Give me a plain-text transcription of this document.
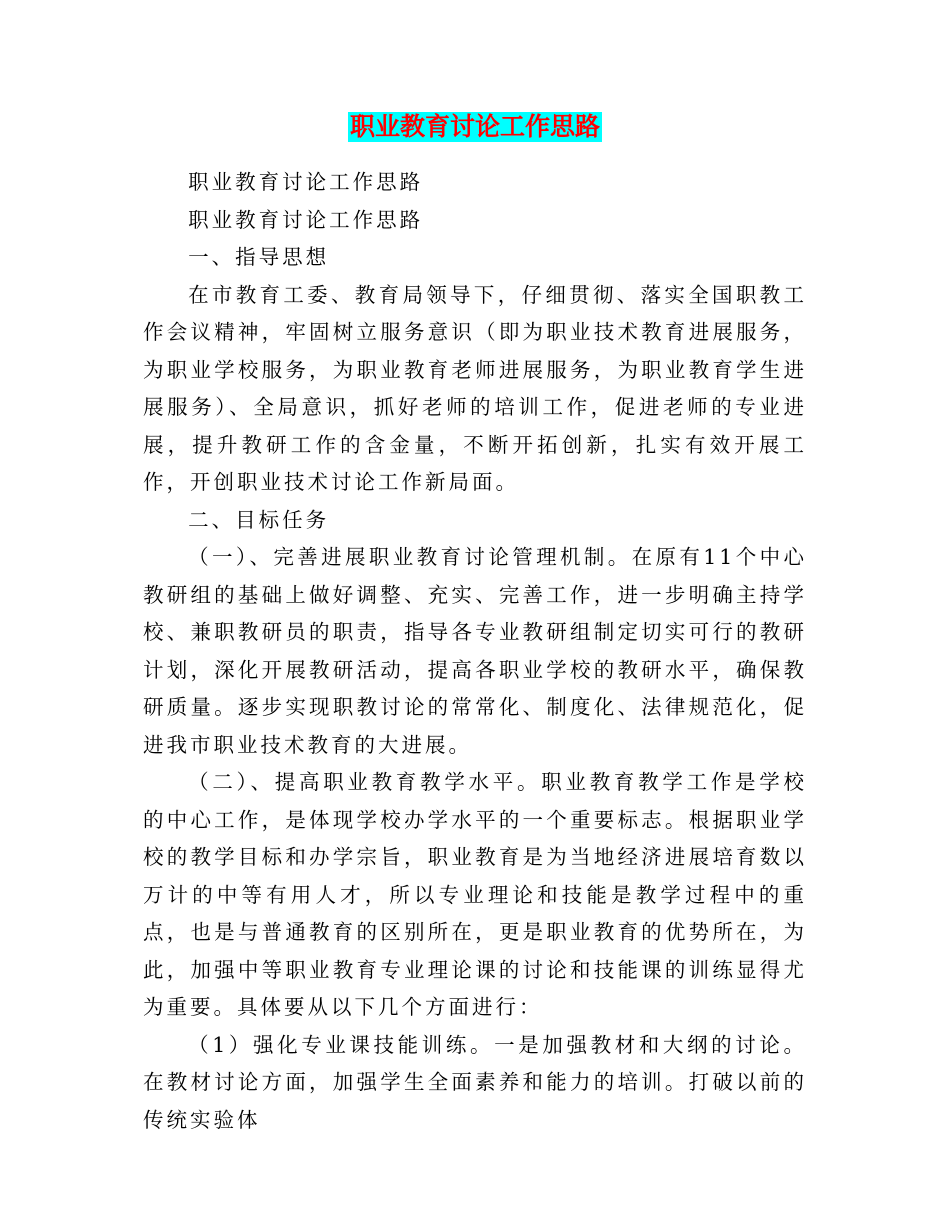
职业教育讨论工作思路

职业教育讨论工作思路

职业教育讨论工作思路

一、指导思想

在市教育工委、教育局领导下，仔细贯彻、落实全国职教工作会议精神，牢固树立服务意识（即为职业技术教育进展服务，为职业学校服务，为职业教育老师进展服务，为职业教育学生进展服务）、全局意识，抓好老师的培训工作，促进老师的专业进展，提升教研工作的含金量，不断开拓创新，扎实有效开展工作，开创职业技术讨论工作新局面。

二、目标任务

（一）、完善进展职业教育讨论管理机制。在原有11个中心教研组的基础上做好调整、充实、完善工作，进一步明确主持学校、兼职教研员的职责，指导各专业教研组制定切实可行的教研计划，深化开展教研活动，提高各职业学校的教研水平，确保教研质量。逐步实现职教讨论的常常化、制度化、法律规范化，促进我市职业技术教育的大进展。

（二）、提高职业教育教学水平。职业教育教学工作是学校的中心工作，是体现学校办学水平的一个重要标志。根据职业学校的教学目标和办学宗旨，职业教育是为当地经济进展培育数以万计的中等有用人才，所以专业理论和技能是教学过程中的重点，也是与普通教育的区别所在，更是职业教育的优势所在，为此，加强中等职业教育专业理论课的讨论和技能课的训练显得尤为重要。具体要从以下几个方面进行：

（1）强化专业课技能训练。一是加强教材和大纲的讨论。在教材讨论方面，加强学生全面素养和能力的培训。打破以前的传统实验体
